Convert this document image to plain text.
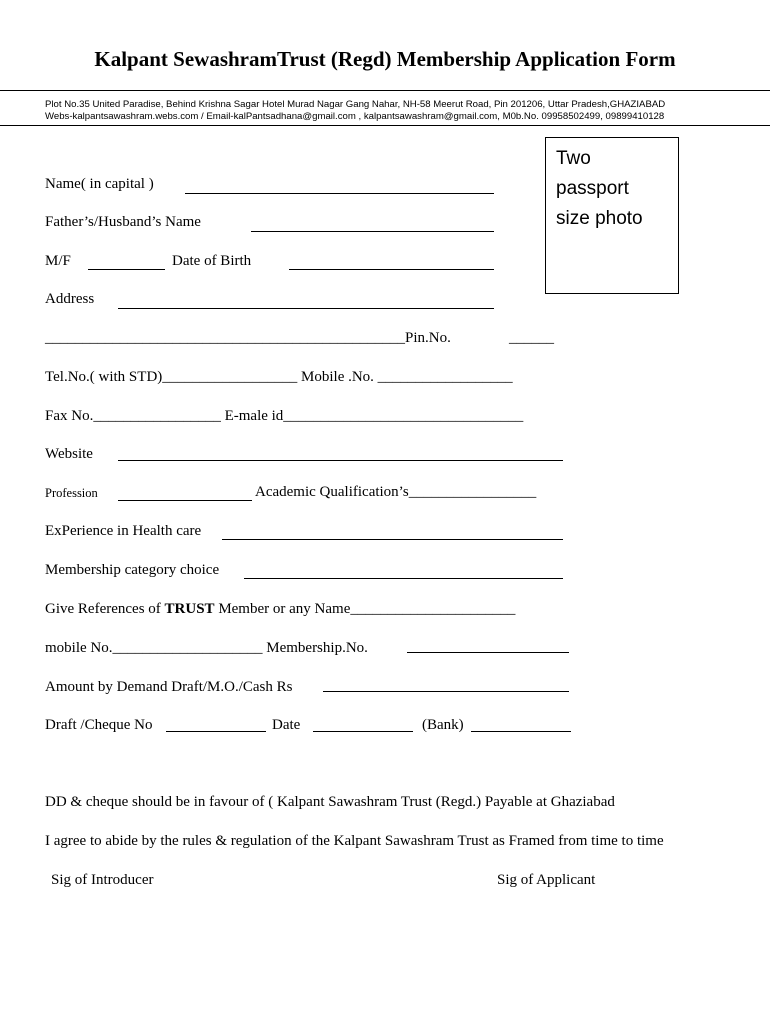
Kalpant SewashramTrust (Regd) Membership Application Form
Plot No.35 United Paradise, Behind Krishna Sagar Hotel Murad Nagar Gang Nahar, NH-58 Meerut Road, Pin 201206, Uttar Pradesh,GHAZIABAD
Webs-kalpantsawashram.webs.com / Email-kalPantsadhana@gmail.com , kalpantsawashram@gmail.com, M0b.No. 09958502499, 09899410128
Two
passport
size photo
Name( in capital )
Father’s/Husband’s Name
M/F	Date of Birth
Address
________________________________________________Pin.No.	______
Tel.No.( with STD)__________________ Mobile .No. __________________
Fax No._________________ E-male id________________________________
Website
Profession	Academic Qualification’s_________________
ExPerience in Health care
Membership category choice
Give References of TRUST Member or any Name______________________
mobile No.____________________ Membership.No.
Amount by Demand Draft/M.O./Cash Rs
Draft /Cheque No	Date	(Bank)
DD & cheque should be in favour of ( Kalpant Sawashram Trust (Regd.) Payable at Ghaziabad
I agree to abide by the rules & regulation of the Kalpant Sawashram Trust as Framed from time to time
Sig of Introducer	Sig of Applicant
